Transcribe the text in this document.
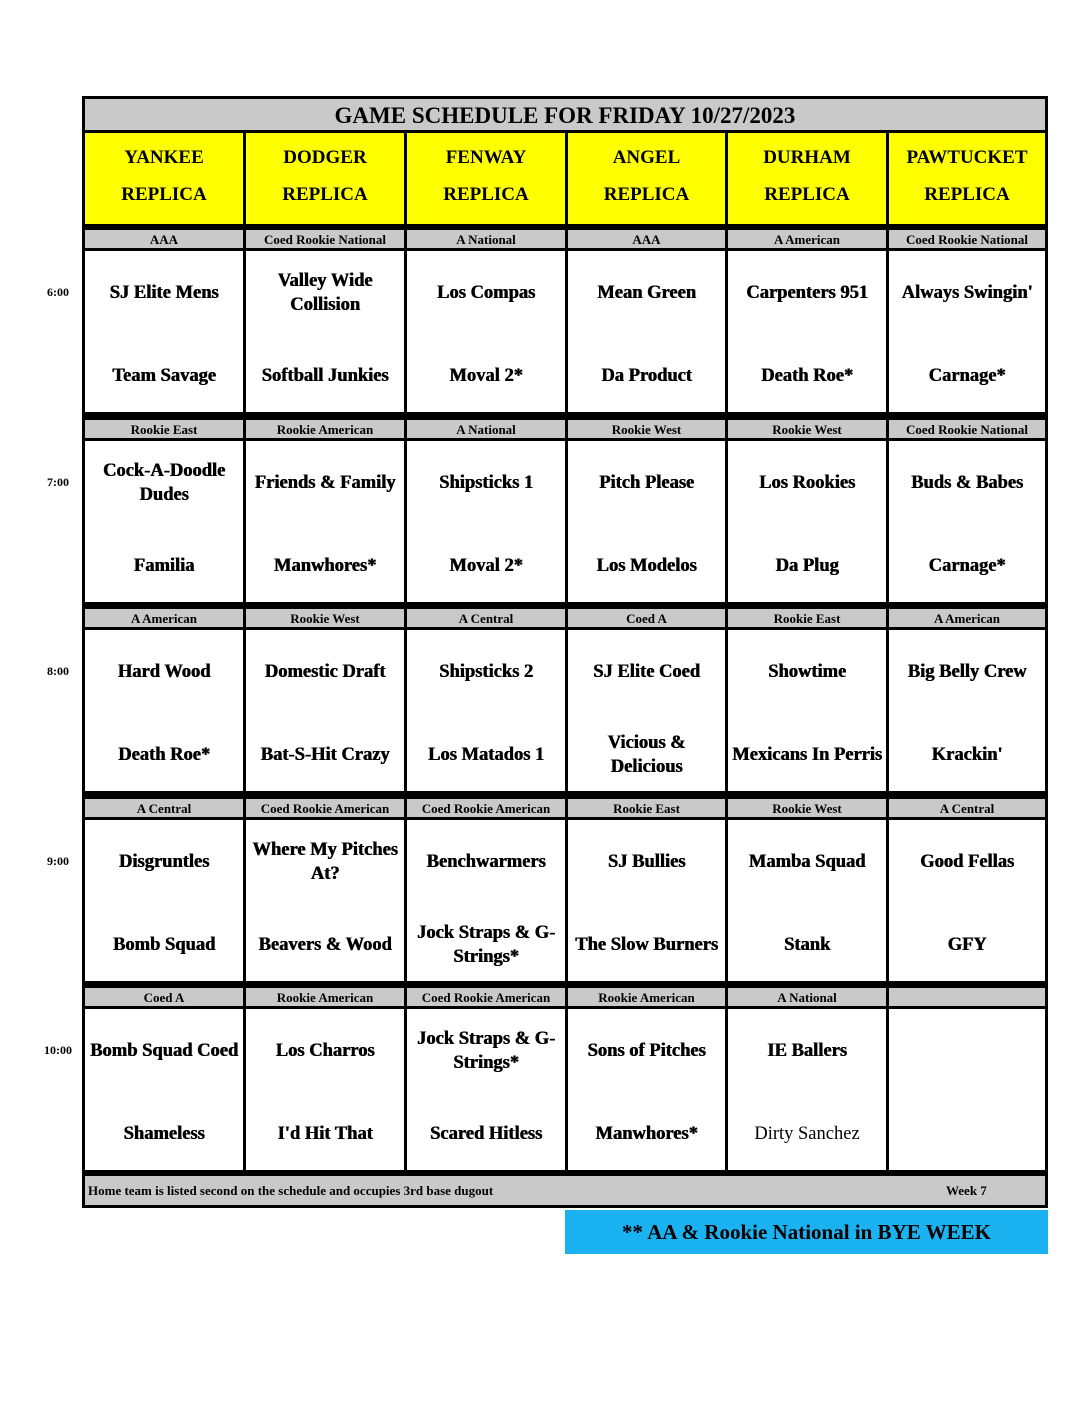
GAME SCHEDULE FOR FRIDAY 10/27/2023
YANKEE
REPLICA
DODGER
REPLICA
FENWAY
REPLICA
ANGEL
REPLICA
DURHAM
REPLICA
PAWTUCKET
REPLICA
AAA
SJ Elite Mens
Team Savage
Coed Rookie National
Valley Wide Collision
Softball Junkies
A National
Los Compas
Moval 2*
AAA
Mean Green
Da Product
A American
Carpenters 951
Death Roe*
Coed Rookie National
Always Swingin'
Carnage*
Rookie East
Cock-A-Doodle Dudes
Familia
Rookie American
Friends & Family
Manwhores*
A National
Shipsticks 1
Moval 2*
Rookie West
Pitch Please
Los Modelos
Rookie West
Los Rookies
Da Plug
Coed Rookie National
Buds & Babes
Carnage*
A American
Hard Wood
Death Roe*
Rookie West
Domestic Draft
Bat-S-Hit Crazy
A Central
Shipsticks 2
Los Matados 1
Coed A
SJ Elite Coed
Vicious & Delicious
Rookie East
Showtime
Mexicans In Perris
A American
Big Belly Crew
Krackin'
A Central
Disgruntles
Bomb Squad
Coed Rookie American
Where My Pitches At?
Beavers & Wood
Coed Rookie American
Benchwarmers
Jock Straps & G-Strings*
Rookie East
SJ Bullies
The Slow Burners
Rookie West
Mamba Squad
Stank
A Central
Good Fellas
GFY
Coed A
Bomb Squad Coed
Shameless
Rookie American
Los Charros
I'd Hit That
Coed Rookie American
Jock Straps & G-Strings*
Scared Hitless
Rookie American
Sons of Pitches
Manwhores*
A National
IE Ballers
Dirty Sanchez
Home team is listed second on the schedule and occupies 3rd base dugout	Week 7
6:00
7:00
8:00
9:00
10:00
** AA & Rookie National in BYE WEEK
